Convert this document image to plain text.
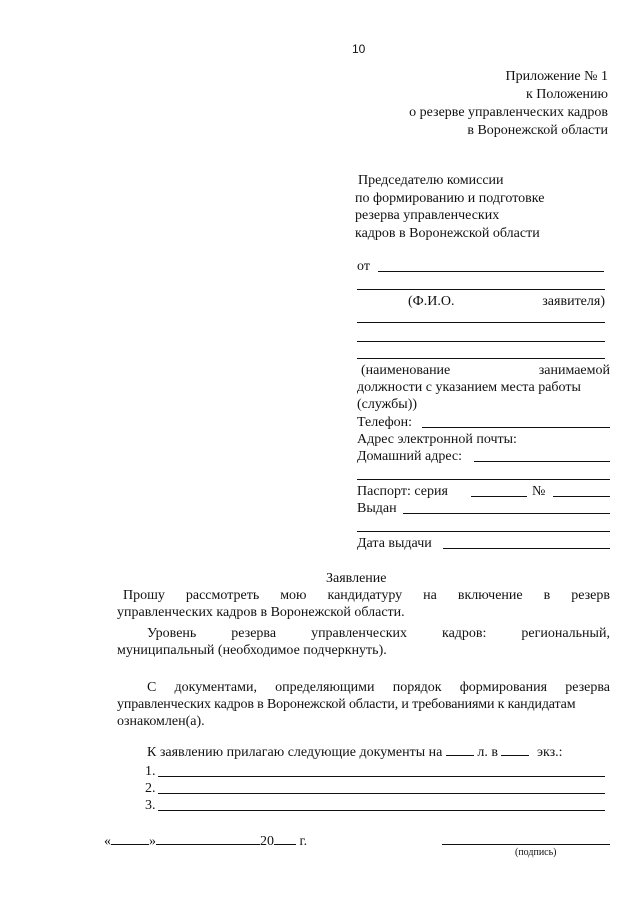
10
Приложение № 1
к Положению
о резерве управленческих кадров
в Воронежской области
Председателю комиссии
по формированию и подготовке
резерва управленческих
кадров в Воронежской области
от
(Ф.И.О.	заявителя)
(наименование	занимаемой
должности с указанием места работы
(службы))
Телефон:
Адрес электронной почты:
Домашний адрес:
Паспорт: серия	№
Выдан
Дата выдачи
Заявление
Прошу рассмотреть мою кандидатуру на включение в резерв
управленческих кадров в Воронежской области.
Уровень резерва управленческих кадров: региональный,
муниципальный (необходимое подчеркнуть).
С документами, определяющими порядок формирования резерва
управленческих кадров в Воронежской области, и требованиями к кандидатам
ознакомлен(а).
К заявлению прилагаю следующие документы на	л. в	экз.:
1.
2.
3.
«	»	20 г.
(подпись)
